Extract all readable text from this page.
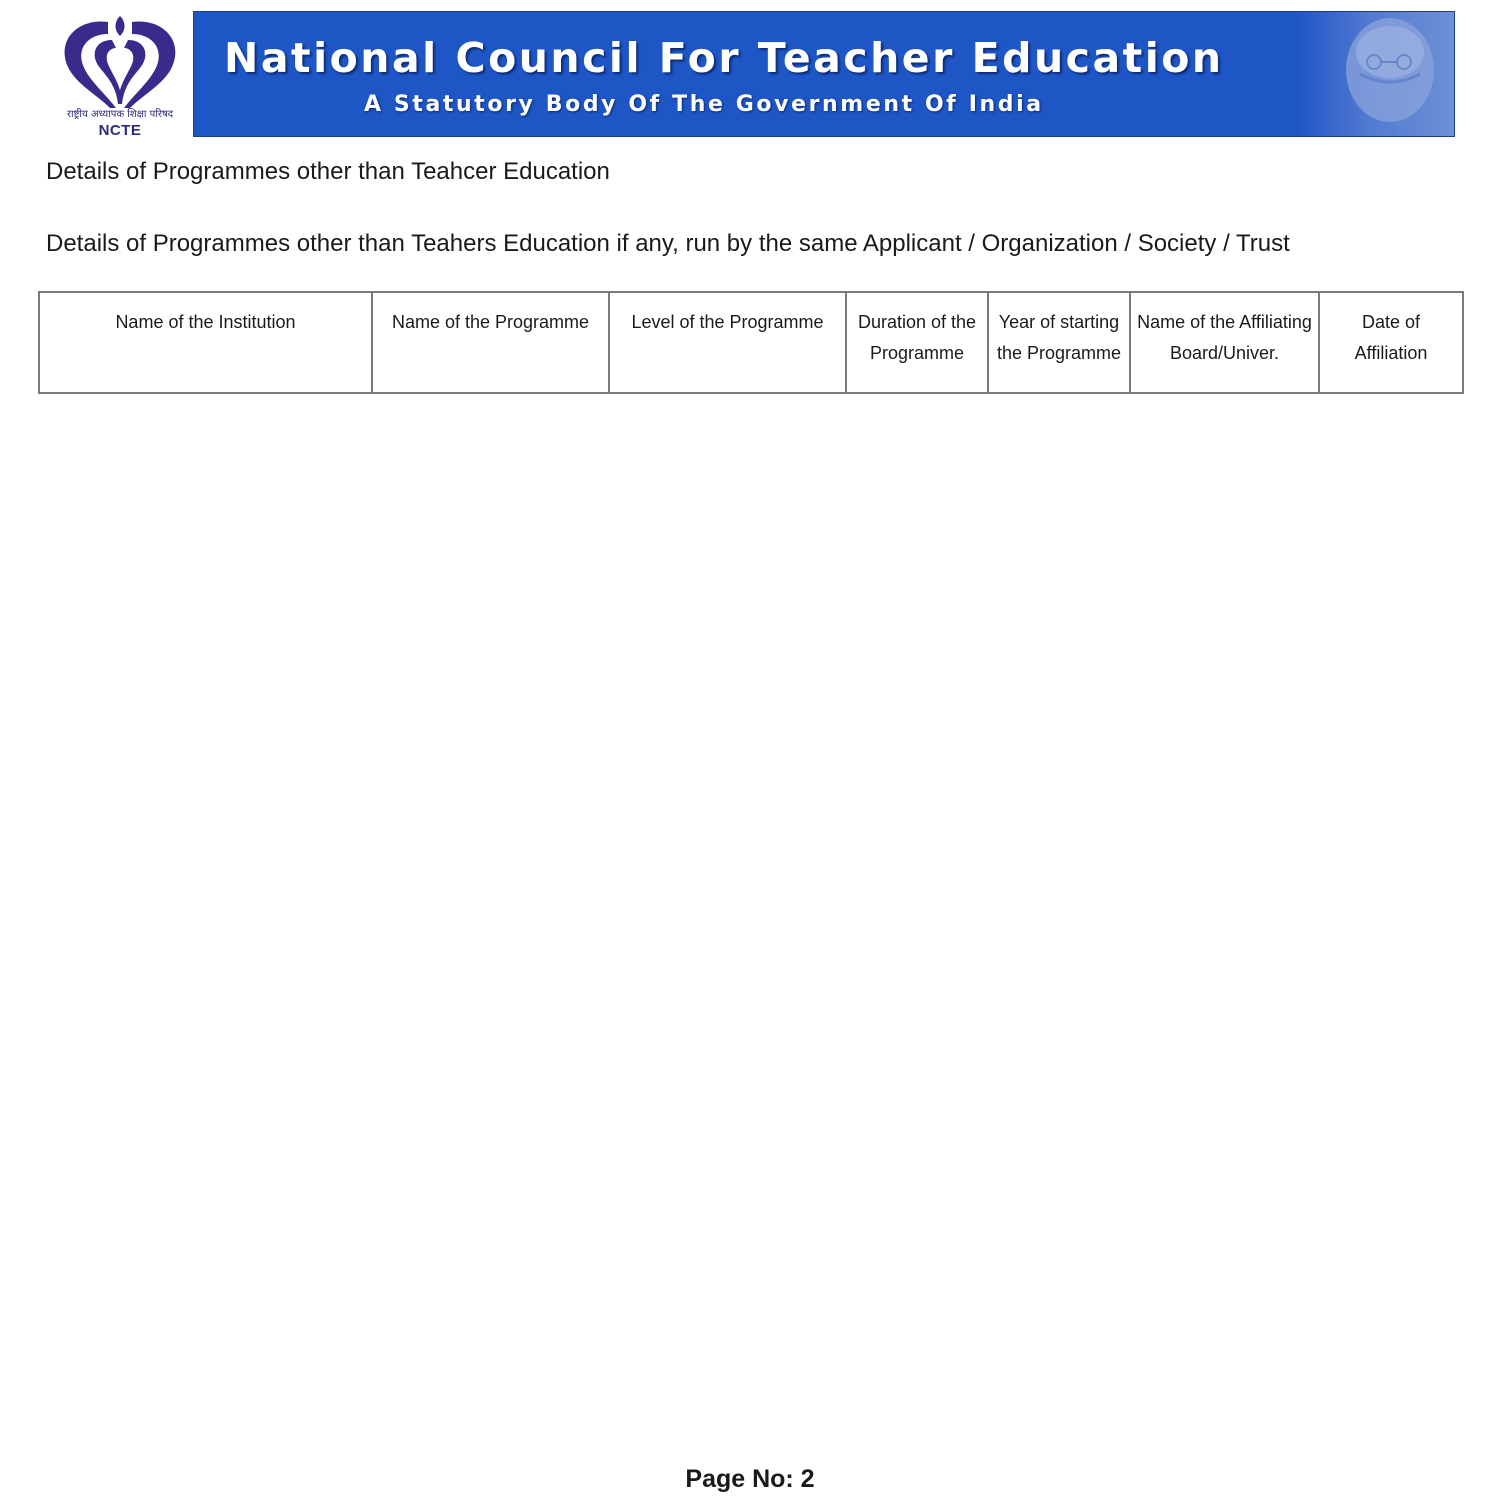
राष्ट्रीय अध्यापक शिक्षा परिषद
NCTE
National Council For Teacher Education
A Statutory Body Of The Government Of India
Details of Programmes other than Teahcer Education
Details of Programmes other than Teahers Education if any, run by the same Applicant / Organization / Society / Trust
Name of the Institution	Name of the Programme	Level of the Programme	Duration of the Programme	Year of starting the Programme	Name of the Affiliating Board/Univer.	Date of Affiliation
Page No: 2
